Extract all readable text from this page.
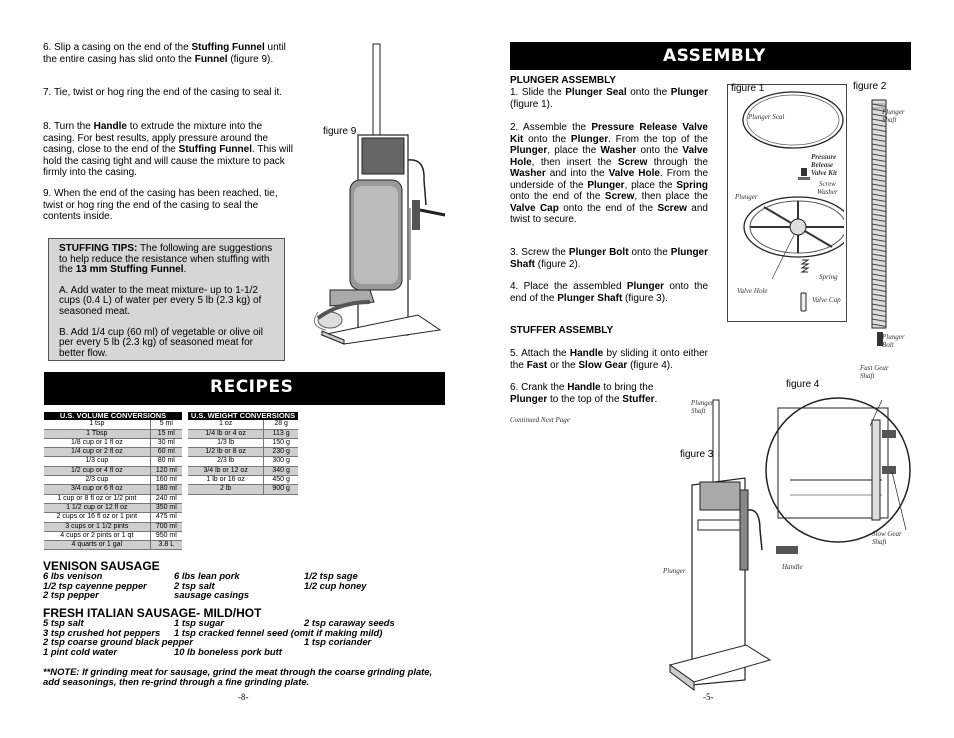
6. Slip a casing on the end of the Stuffing Funnel until the entire casing has slid onto the Funnel (figure 9).
7. Tie, twist or hog ring the end of the casing to seal it.
8. Turn the Handle to extrude the mixture into the casing. For best results, apply pressure around the casing, close to the end of the Stuffing Funnel. This will hold the casing tight and will cause the mixture to pack firmly into the casing.
9. When the end of the casing has been reached, tie, twist or hog ring the end of the casing to seal the contents inside.
STUFFING TIPS: The following are suggestions to help reduce the resistance when stuffing with the 13 mm Stuffing Funnel.
A. Add water to the meat mixture- up to 1-1/2 cups (0.4 L) of water per every 5 lb (2.3 kg) of seasoned meat.
B. Add 1/4 cup (60 ml) of vegetable or olive oil per every 5 lb (2.3 kg) of seasoned meat for better flow.
figure 9
RECIPES
U.S. VOLUME CONVERSIONS	
1 tsp	5 ml
1 Tbsp	15 ml
1/8 cup or 1 fl oz	30 ml
1/4 cup or 2 fl oz	60 ml
1/3 cup	80 ml
1/2 cup or 4 fl oz	120 ml
2/3 cup	160 ml
3/4 cup or 6 fl oz	180 ml
1 cup or 8 fl oz or 1/2 pint	240 ml
1 1/2 cup or 12 fl oz	350 ml
2 cups or 16 fl oz or 1 pint	475 ml
3 cups or 1 1/2 pints	700 ml
4 cups or 2 pints or 1 qt	950 ml
4 quarts or 1 gal	3.8 L
U.S. WEIGHT CONVERSIONS	
1 oz	28 g
1/4 lb or 4 oz	113 g
1/3 lb	150 g
1/2 lb or 8 oz	230 g
2/3 lb	300 g
3/4 lb or 12 oz	340 g
1 lb or 16 oz	450 g
2 lb	900 g
VENISON SAUSAGE
6 lbs venison
1/2 tsp cayenne pepper
2 tsp pepper
6 lbs lean pork
2 tsp salt
sausage casings
1/2 tsp sage
1/2 cup honey
FRESH ITALIAN SAUSAGE- MILD/HOT
5 tsp salt
3 tsp crushed hot peppers
2 tsp coarse ground black pepper
1 pint cold water
1 tsp sugar
1 tsp cracked fennel seed (omit if making mild)
10 lb boneless pork butt
2 tsp caraway seeds
1 tsp coriander
**NOTE: If grinding meat for sausage, grind the meat through the coarse grinding plate, add seasonings, then re-grind through a fine grinding plate.
-8-
ASSEMBLY
PLUNGER ASSEMBLY
1. Slide the Plunger Seal onto the Plunger (figure 1).
2. Assemble the Pressure Release Valve Kit onto the Plunger. From the top of the Plunger, place the Washer onto the Valve Hole, then insert the Screw through the Washer and into the Valve Hole. From the underside of the Plunger, place the Spring onto the end of the Screw, then place the Valve Cap onto the end of the Screw and twist to secure.
3. Screw the Plunger Bolt onto the Plunger Shaft (figure 2).
4. Place the assembled Plunger onto the end of the Plunger Shaft (figure 3).
STUFFER ASSEMBLY
5. Attach the Handle by sliding it onto either the Fast or the Slow Gear (figure 4).
6. Crank the Handle to bring the Plunger to the top of the Stuffer.
Continued Next Page
figure 1
Plunger Seal
Pressure Release Valve Kit
Screw
Washer
Plunger
Spring
Valve Hole
Valve Cap
figure 2
Plunger Shaft
Plunger Bolt
figure 3
figure 4
Fast Gear Shaft
Slow Gear Shaft
Plunger Shaft
Plunger	Handle
-5-
